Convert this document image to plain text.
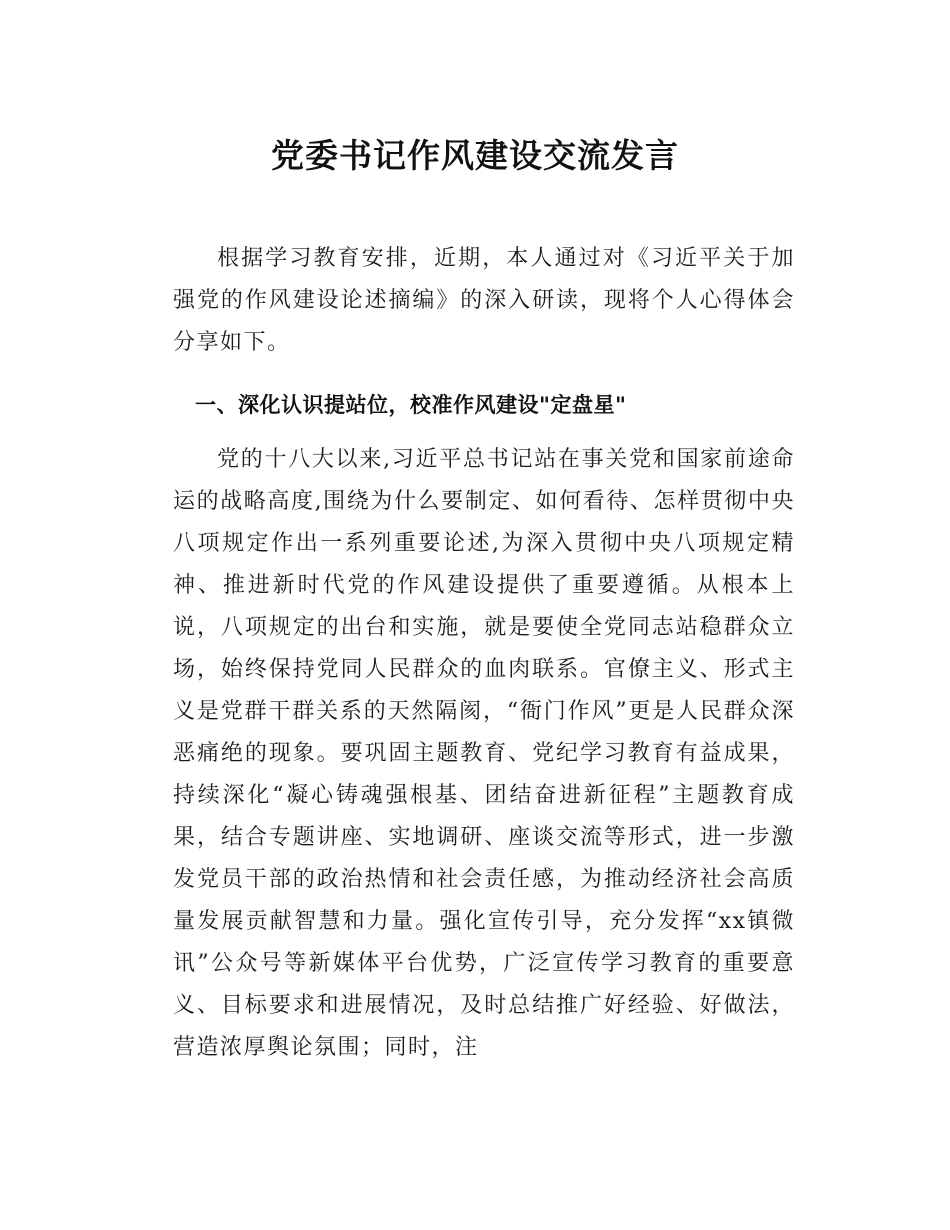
党委书记作风建设交流发言

根据学习教育安排，近期，本人通过对《习近平关于加强党的作风建设论述摘编》的深入研读，现将个人心得体会分享如下。

一、深化认识提站位，校准作风建设"定盘星"

党的十八大以来,习近平总书记站在事关党和国家前途命运的战略高度,围绕为什么要制定、如何看待、怎样贯彻中央八项规定作出一系列重要论述,为深入贯彻中央八项规定精神、推进新时代党的作风建设提供了重要遵循。从根本上说，八项规定的出台和实施，就是要使全党同志站稳群众立场，始终保持党同人民群众的血肉联系。官僚主义、形式主义是党群干群关系的天然隔阂，“衙门作风”更是人民群众深恶痛绝的现象。要巩固主题教育、党纪学习教育有益成果，持续深化“凝心铸魂强根基、团结奋进新征程”主题教育成果，结合专题讲座、实地调研、座谈交流等形式，进一步激发党员干部的政治热情和社会责任感，为推动经济社会高质量发展贡献智慧和力量。强化宣传引导，充分发挥“xx镇微讯”公众号等新媒体平台优势，广泛宣传学习教育的重要意义、目标要求和进展情况，及时总结推广好经验、好做法，营造浓厚舆论氛围；同时，注
